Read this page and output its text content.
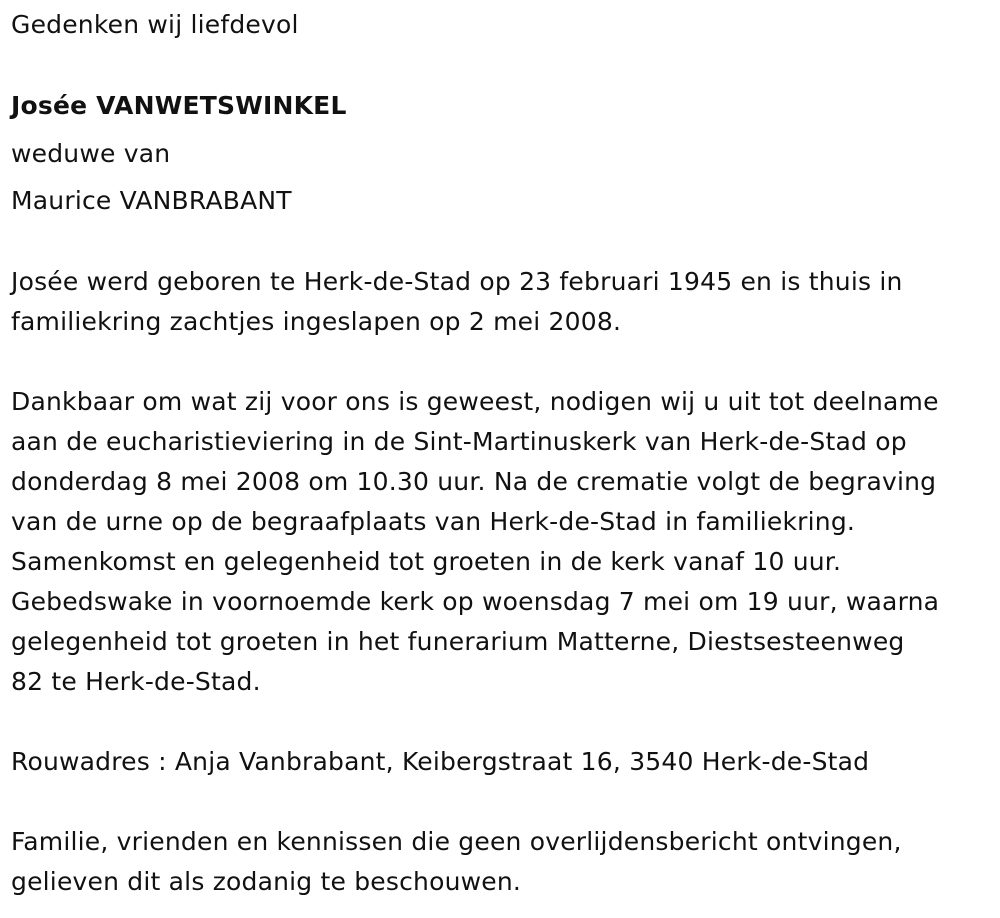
Gedenken wij liefdevol
Josée VANWETSWINKEL
weduwe van
Maurice VANBRABANT
Josée werd geboren te Herk-de-Stad op 23 februari 1945 en is thuis in
familiekring zachtjes ingeslapen op 2 mei 2008.
Dankbaar om wat zij voor ons is geweest, nodigen wij u uit tot deelname
aan de eucharistieviering in de Sint-Martinuskerk van Herk-de-Stad op
donderdag 8 mei 2008 om 10.30 uur. Na de crematie volgt de begraving
van de urne op de begraafplaats van Herk-de-Stad in familiekring.
Samenkomst en gelegenheid tot groeten in de kerk vanaf 10 uur.
Gebedswake in voornoemde kerk op woensdag 7 mei om 19 uur, waarna
gelegenheid tot groeten in het funerarium Matterne, Diestsesteenweg
82 te Herk-de-Stad.
Rouwadres : Anja Vanbrabant, Keibergstraat 16, 3540 Herk-de-Stad
Familie, vrienden en kennissen die geen overlijdensbericht ontvingen,
gelieven dit als zodanig te beschouwen.
